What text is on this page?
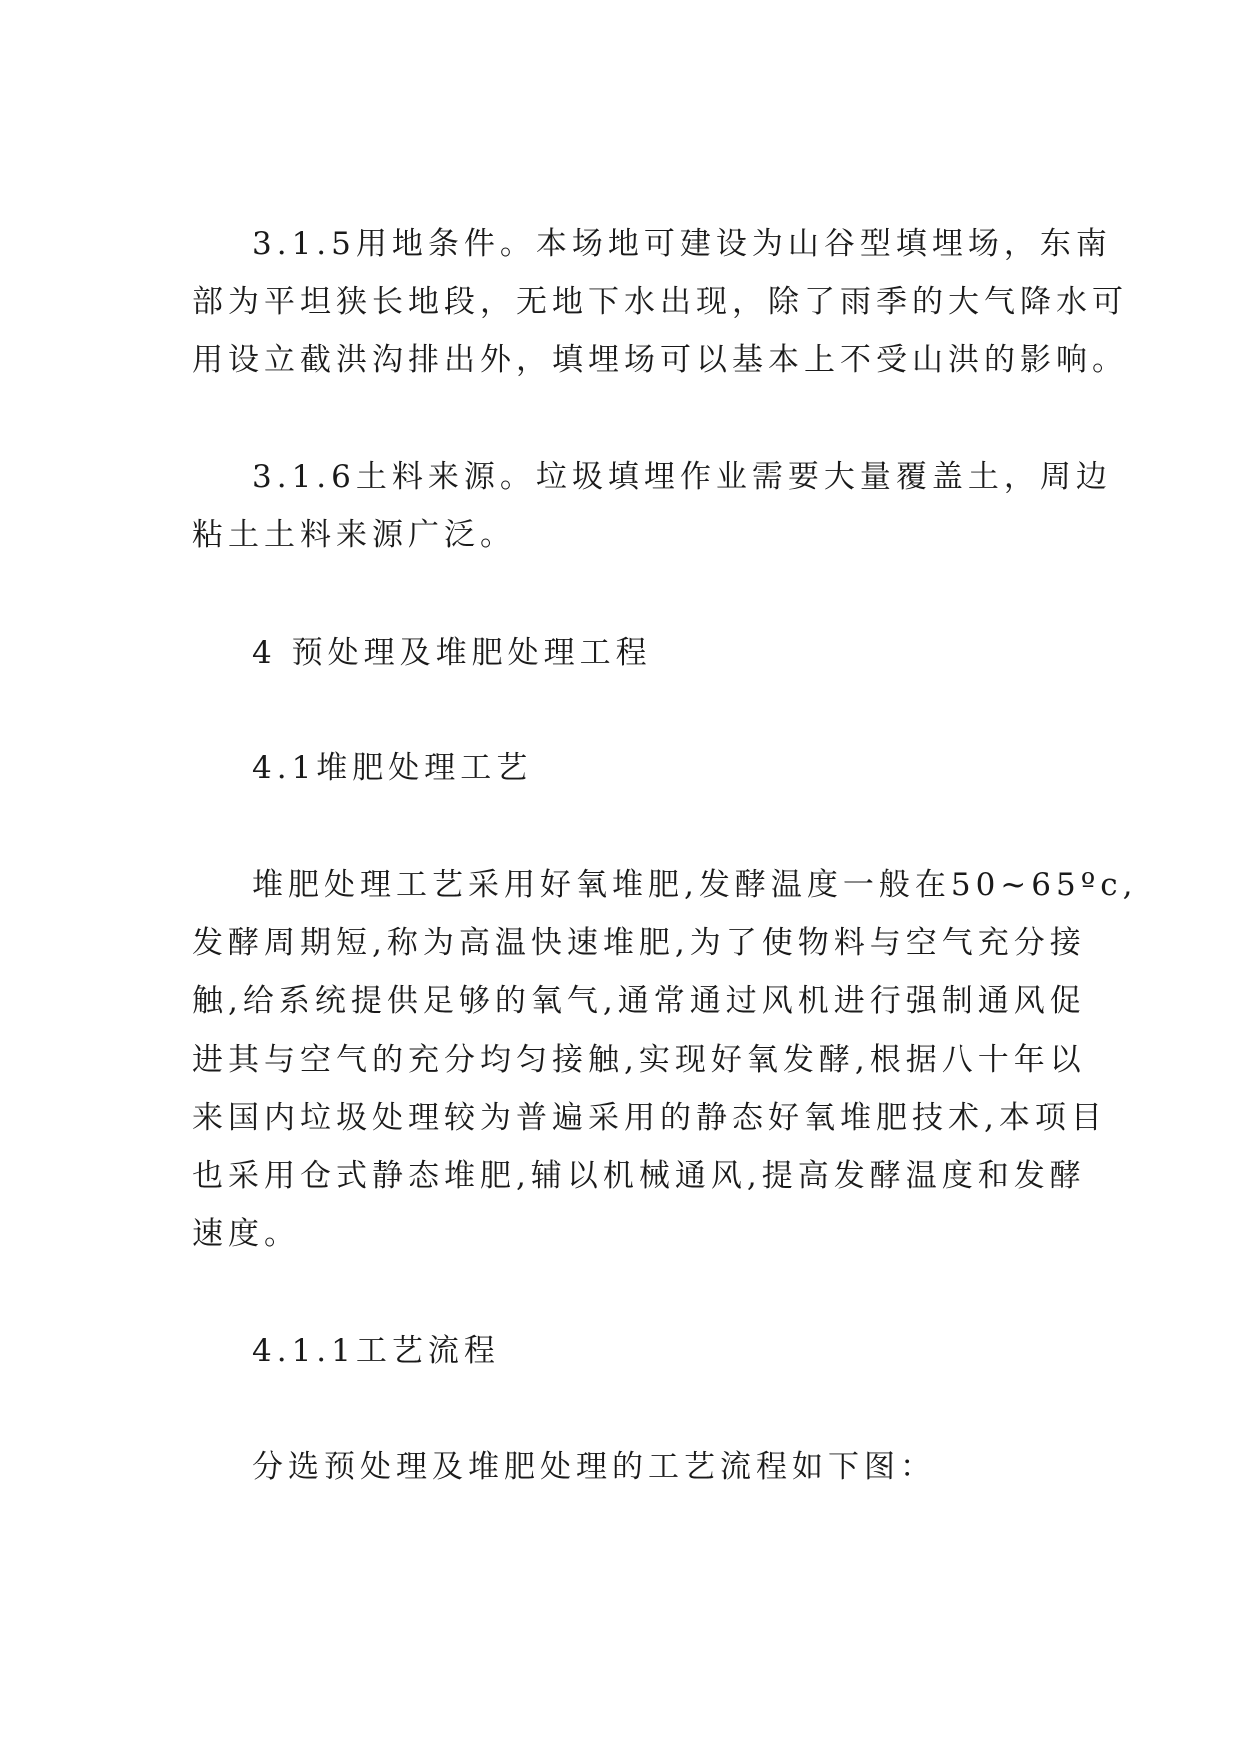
3.1.5用地条件。本场地可建设为山谷型填埋场，东南
部为平坦狭长地段，无地下水出现，除了雨季的大气降水可
用设立截洪沟排出外，填埋场可以基本上不受山洪的影响。
3.1.6土料来源。垃圾填埋作业需要大量覆盖土，周边
粘土土料来源广泛。
4 预处理及堆肥处理工程
4.1堆肥处理工艺
堆肥处理工艺采用好氧堆肥,发酵温度一般在50~65ºc,
发酵周期短,称为高温快速堆肥,为了使物料与空气充分接
触,给系统提供足够的氧气,通常通过风机进行强制通风促
进其与空气的充分均匀接触,实现好氧发酵,根据八十年以
来国内垃圾处理较为普遍采用的静态好氧堆肥技术,本项目
也采用仓式静态堆肥,辅以机械通风,提高发酵温度和发酵
速度。
4.1.1工艺流程
分选预处理及堆肥处理的工艺流程如下图：
